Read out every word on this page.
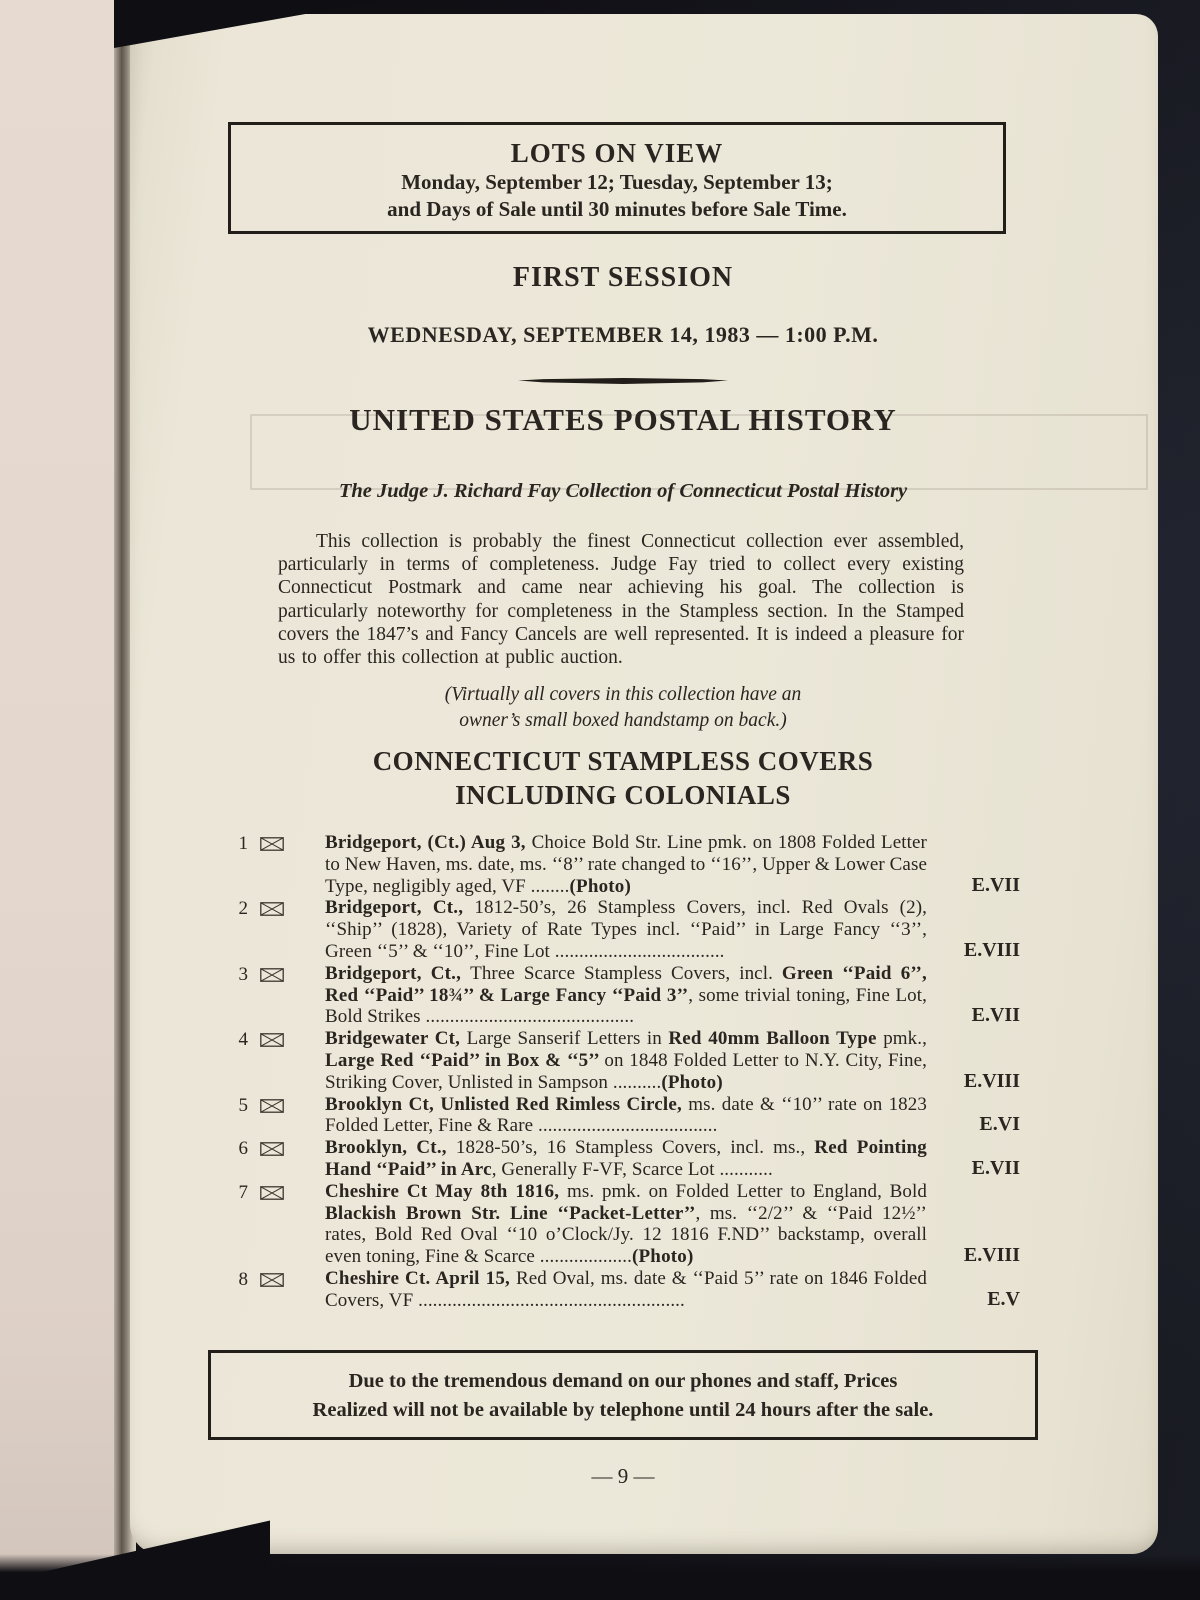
LOTS ON VIEW
Monday, September 12; Tuesday, September 13;
and Days of Sale until 30 minutes before Sale Time.
FIRST SESSION
WEDNESDAY, SEPTEMBER 14, 1983 — 1:00 P.M.
UNITED STATES POSTAL HISTORY
The Judge J. Richard Fay Collection of Connecticut Postal History
This collection is probably the finest Connecticut collection ever assembled, particularly in terms of completeness. Judge Fay tried to collect every existing Connecticut Postmark and came near achieving his goal. The collection is particularly noteworthy for completeness in the Stampless section. In the Stamped covers the 1847’s and Fancy Cancels are well represented. It is indeed a pleasure for us to offer this collection at public auction.
(Virtually all covers in this collection have an
owner’s small boxed handstamp on back.)
CONNECTICUT STAMPLESS COVERS
INCLUDING COLONIALS
1	Bridgeport, (Ct.) Aug 3, Choice Bold Str. Line pmk. on 1808 Folded Letter to New Haven, ms. date, ms. ‘‘8’’ rate changed to ‘‘16’’, Upper & Lower Case Type, negligibly aged, VF ........(Photo)	E.VII
2	Bridgeport, Ct., 1812-50’s, 26 Stampless Covers, incl. Red Ovals (2), ‘‘Ship’’ (1828), Variety of Rate Types incl. ‘‘Paid’’ in Large Fancy ‘‘3’’, Green ‘‘5’’ & ‘‘10’’, Fine Lot ...................................	E.VIII
3	Bridgeport, Ct., Three Scarce Stampless Covers, incl. Green ‘‘Paid 6’’, Red ‘‘Paid’’ 18¾’’ & Large Fancy ‘‘Paid 3’’, some trivial toning, Fine Lot, Bold Strikes ...........................................	E.VII
4	Bridgewater Ct, Large Sanserif Letters in Red 40mm Balloon Type pmk., Large Red ‘‘Paid’’ in Box & ‘‘5’’ on 1848 Folded Letter to N.Y. City, Fine, Striking Cover, Unlisted in Sampson ..........(Photo)	E.VIII
5	Brooklyn Ct, Unlisted Red Rimless Circle, ms. date & ‘‘10’’ rate on 1823 Folded Letter, Fine & Rare .....................................	E.VI
6	Brooklyn, Ct., 1828-50’s, 16 Stampless Covers, incl. ms., Red Pointing Hand ‘‘Paid’’ in Arc, Generally F-VF, Scarce Lot ...........	E.VII
7	Cheshire Ct May 8th 1816, ms. pmk. on Folded Letter to England, Bold Blackish Brown Str. Line ‘‘Packet-Letter’’, ms. ‘‘2/2’’ & ‘‘Paid 12½’’ rates, Bold Red Oval ‘‘10 o’Clock/Jy. 12 1816 F.ND’’ backstamp, overall even toning, Fine & Scarce ...................(Photo)	E.VIII
8	Cheshire Ct. April 15, Red Oval, ms. date & ‘‘Paid 5’’ rate on 1846 Folded Covers, VF .......................................................	E.V
Due to the tremendous demand on our phones and staff, Prices
Realized will not be available by telephone until 24 hours after the sale.
— 9 —
